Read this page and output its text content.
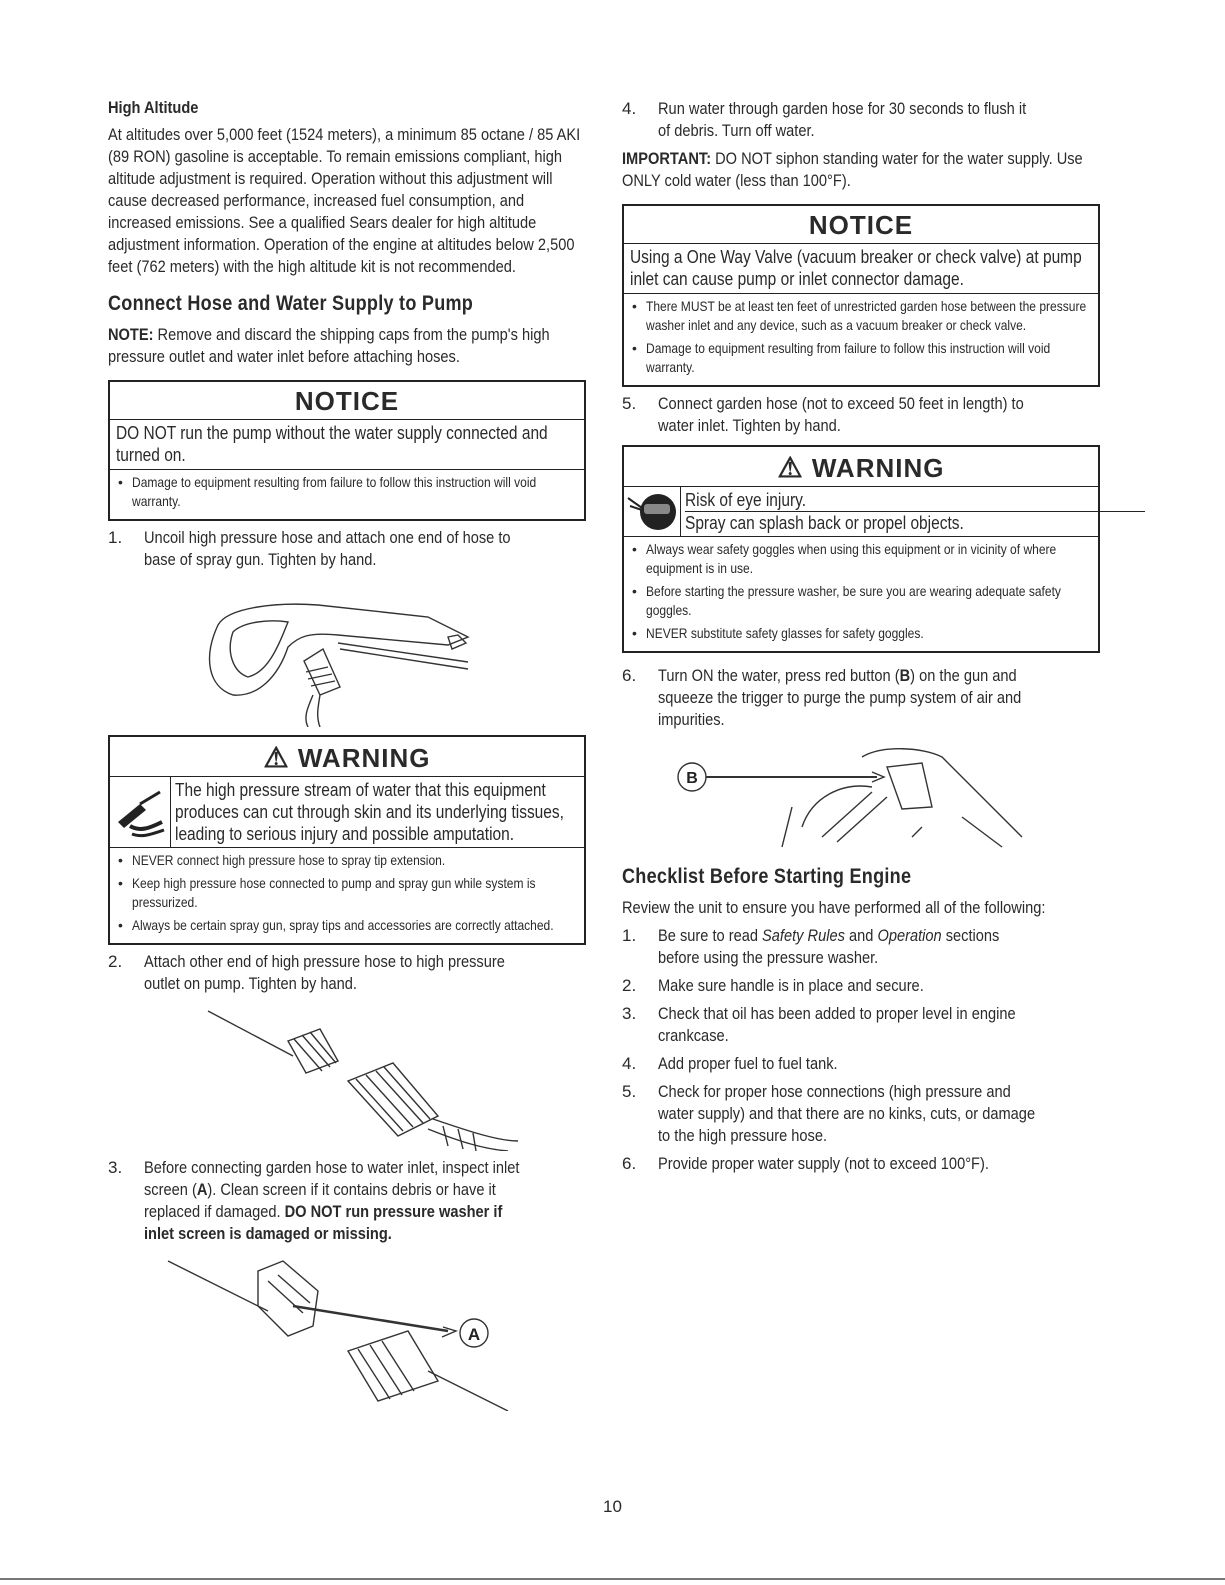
High Altitude

At altitudes over 5,000 feet (1524 meters), a minimum 85 octane / 85 AKI (89 RON) gasoline is acceptable. To remain emissions compliant, high altitude adjustment is required. Operation without this adjustment will cause decreased performance, increased fuel consumption, and increased emissions. See a qualified Sears dealer for high altitude adjustment information. Operation of the engine at altitudes below 2,500 feet (762 meters) with the high altitude kit is not recommended.

Connect Hose and Water Supply to Pump

NOTE: Remove and discard the shipping caps from the pump's high pressure outlet and water inlet before attaching hoses.

NOTICE
DO NOT run the pump without the water supply connected and turned on.
• Damage to equipment resulting from failure to follow this instruction will void warranty.
1.	Uncoil high pressure hose and attach one end of hose to base of spray gun. Tighten by hand.
⚠ WARNING
The high pressure stream of water that this equipment produces can cut through skin and its underlying tissues, leading to serious injury and possible amputation.
• NEVER connect high pressure hose to spray tip extension.
• Keep high pressure hose connected to pump and spray gun while system is pressurized.
• Always be certain spray gun, spray tips and accessories are correctly attached.
2.	Attach other end of high pressure hose to high pressure outlet on pump. Tighten by hand.
3.	Before connecting garden hose to water inlet, inspect inlet screen (A). Clean screen if it contains debris or have it replaced if damaged. DO NOT run pressure washer if inlet screen is damaged or missing.
A
4.	Run water through garden hose for 30 seconds to flush it of debris. Turn off water.

IMPORTANT: DO NOT siphon standing water for the water supply. Use ONLY cold water (less than 100°F).

NOTICE
Using a One Way Valve (vacuum breaker or check valve) at pump inlet can cause pump or inlet connector damage.
• There MUST be at least ten feet of unrestricted garden hose between the pressure washer inlet and any device, such as a vacuum breaker or check valve.
• Damage to equipment resulting from failure to follow this instruction will void warranty.
5.	Connect garden hose (not to exceed 50 feet in length) to water inlet. Tighten by hand.
⚠ WARNING
Risk of eye injury.
Spray can splash back or propel objects.
• Always wear safety goggles when using this equipment or in vicinity of where equipment is in use.
• Before starting the pressure washer, be sure you are wearing adequate safety goggles.
• NEVER substitute safety glasses for safety goggles.
6.	Turn ON the water, press red button (B) on the gun and squeeze the trigger to purge the pump system of air and impurities.
B
Checklist Before Starting Engine

Review the unit to ensure you have performed all of the following:

1.	Be sure to read Safety Rules and Operation sections before using the pressure washer.
2.	Make sure handle is in place and secure.
3.	Check that oil has been added to proper level in engine crankcase.
4.	Add proper fuel to fuel tank.
5.	Check for proper hose connections (high pressure and water supply) and that there are no kinks, cuts, or damage to the high pressure hose.
6.	Provide proper water supply (not to exceed 100°F).
10
